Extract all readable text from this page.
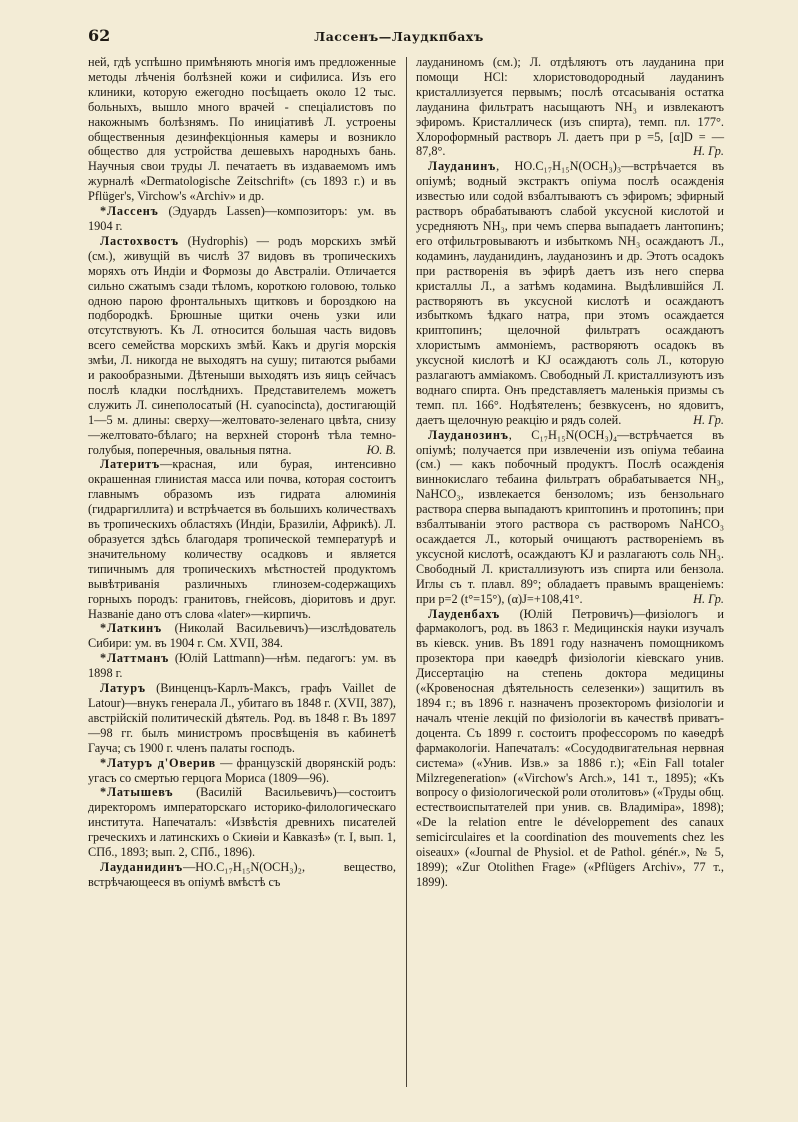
62	Лассенъ—Лаудкпбахъ

ней, гдѣ успѣшно примѣняють многія имъ предложенные методы лѣченія болѣзней кожи и сифилиса. Изъ его клиники, которую ежегодно посѣщаеть около 12 тыс. больныхъ, вышло много врачей - спеціалистовъ по накожнымъ болѣзнямъ. По иниціативѣ Л. устроены общественныя дезинфекціонныя камеры и возникло общество для устройства дешевыхъ народныхъ бань. Научныя свои труды Л. печатаетъ въ издаваемомъ имъ журналѣ «Dermatologische Zeitschrift» (съ 1893 г.) и въ Pflüger's, Virchow's «Archiv» и др.

*Лассенъ (Эдуардъ Lassen)—композиторъ: ум. въ 1904 г.

Ластохвостъ (Hydrophis) — родъ морскихъ змѣй (см.), живущій въ числѣ 37 видовъ въ тропическихъ моряхъ отъ Индіи и Формозы до Австраліи. Отличается сильно сжатымъ сзади тѣломъ, короткою головою, только одною парою фронтальныхъ щитковъ и бороздкою на подбородкѣ. Брюшные щитки очень узки или отсутствуютъ. Къ Л. относится большая часть видовъ всего семейства морскихъ змѣй. Какъ и другія морскія змѣи, Л. никогда не выходятъ на сушу; питаются рыбами и ракообразными. Дѣтеныши выходятъ изъ яицъ сейчасъ послѣ кладки послѣднихъ. Представителемъ можетъ служить Л. синеполосатый (H. cyanocincta), достигающій 1—5 м. длины: сверху—желтовато-зеленаго цвѣта, снизу—желтовато-бѣлаго; на верхней сторонѣ тѣла темно-голубыя, поперечныя, овальныя пятна.	Ю. В.

Латеритъ—красная, или бурая, интенсивно окрашенная глинистая масса или почва, которая состоитъ главнымъ образомъ изъ гидрата алюминія (гидраргиллита) и встрѣчается въ большихъ количествахъ въ тропическихъ областяхъ (Индіи, Бразиліи, Африкѣ). Л. образуется здѣсь благодаря тропической температурѣ и значительному количеству осадковъ и является типичнымъ для тропическихъ мѣстностей продуктомъ вывѣтриванія различныхъ глинозем-содержащихъ горныхъ породъ: гранитовъ, гнейсовъ, діоритовъ и друг. Названіе дано отъ слова «later»—кирпичъ.

*Латкинъ (Николай Васильевичъ)—изслѣдователь Сибири: ум. въ 1904 г. См. XVII, 384.

*Латтманъ (Юлій Lattmann)—нѣм. педагогъ: ум. въ 1898 г.

Латуръ (Винценцъ-Карлъ-Максъ, графъ Vaillet de Latour)—внукъ генерала Л., убитаго въ 1848 г. (XVII, 387), австрійскій политическій дѣятель. Род. въ 1848 г. Въ 1897—98 гг. былъ министромъ просвѣщенія въ кабинетѣ Гауча; съ 1900 г. членъ палаты господъ.

*Латуръ д'Оверив — французскій дворянскій родъ: угасъ со смертью герцога Мориса (1809—96).

*Латышевъ (Василій Васильевичъ)—состоитъ директоромъ императорскаго историко-филологическаго института. Напечаталъ: «Извѣстія древнихъ писателей греческихъ и латинскихъ о Скиѳіи и Кавказѣ» (т. I, вып. 1, СПб., 1893; вып. 2, СПб., 1896).

Лауданидинъ—HO.C₁₇H₁₅N(OCH₃)₂, вещество, встрѣчающееся въ опіумѣ вмѣстѣ съ

лауданиномъ (см.); Л. отдѣляютъ отъ лауданина при помощи HCl: хлористоводородный лауданинъ кристаллизуется первымъ; послѣ отсасыванія остатка лауданина фильтратъ насыщаютъ NH₃ и извлекаютъ эфиромъ. Кристаллическ (изъ спирта), темп. пл. 177°. Хлороформный растворъ Л. даетъ при p =5, [α]D = — 87,8°.	Н. Гр.

Лауданинъ, HO.C₁₇H₁₅N(OCH₃)₃—встрѣчается въ опіумѣ; водный экстрактъ опіума послѣ осажденія известью или содой взбалтываютъ съ эфиромъ; эфирный растворъ обрабатываютъ слабой уксусной кислотой и усредняютъ NH₃, при чемъ сперва выпадаетъ лантопинъ; его отфильтровываютъ и избыткомъ NH₃ осаждаютъ Л., кодаминъ, лауданидинъ, лауданозинъ и др. Этотъ осадокъ при растворенія въ эфирѣ даетъ изъ него сперва кристаллы Л., а затѣмъ кодамина. Выдѣлившійся Л. растворяютъ въ уксусной кислотѣ и осаждаютъ избыткомъ ѣдкаго натра, при этомъ осаждается криптопинъ; щелочной фильтратъ осаждаютъ хлористымъ аммоніемъ, растворяютъ осадокъ въ уксусной кислотѣ и KJ осаждаютъ соль Л., которую разлагаютъ аммiакомъ. Свободный Л. кристаллизуютъ изъ воднаго спирта. Онъ представляетъ маленькія призмы съ темп. пл. 166°. Нодѣятеленъ; безвкусенъ, но ядовитъ, даетъ щелочную реакцію и рядъ солей.	Н. Гр.

Лауданозинъ, C₁₇H₁₅N(OCH₃)₄—встрѣчается въ опіумѣ; получается при извлеченіи изъ опіума тебаина (см.) — какъ побочный продуктъ. Послѣ осажденія виннокислаго тебаина фильтратъ обрабатывается NH₃, NaHCO₃, извлекается бензоломъ; изъ бензольнаго раствора сперва выпадаютъ криптопинъ и протопинъ; при взбалтываніи этого раствора съ растворомъ NaHCO₃ осаждается Л., который очищаютъ раствореніемъ въ уксусной кислотѣ, осаждаютъ KJ и разлагаютъ соль NH₃. Свободный Л. кристаллизуютъ изъ спирта или бензола. Иглы съ т. плавл. 89°; обладаетъ правымъ вращеніемъ: при p=2 (t°=15°), (α)J=+108,41°.	Н. Гр.

Лауденбахъ (Юлій Петровичъ)—физіологъ и фармакологъ, род. въ 1863 г. Медицинскія науки изучалъ въ кіевск. унив. Въ 1891 году назначенъ помощникомъ прозектора при каѳедрѣ физіологіи кіевскаго унив. Диссертацію на степень доктора медицины («Кровеносная дѣятельность селезенки») защитилъ въ 1894 г.; въ 1896 г. назначенъ прозекторомъ физіологіи и началъ чтеніе лекцій по физіологіи въ качествѣ приватъ-доцента. Съ 1899 г. состоитъ профессоромъ по каѳедрѣ фармакологіи. Напечаталъ: «Сосудодвигательная нервная система» («Унив. Изв.» за 1886 г.); «Ein Fall totaler Milzregeneration» («Virchow's Arch.», 141 т., 1895); «Къ вопросу о физіологической роли отолитовъ» («Труды общ. естествоиспытателей при унив. св. Владиміра», 1898); «De la relation entre le développement des canaux semicirculaires et la coordination des mouvements chez les oiseaux» («Journal de Physiol. et de Pathol. génér.», № 5, 1899); «Zur Otolithen Frage» («Pflügers Archiv», 77 т., 1899).
